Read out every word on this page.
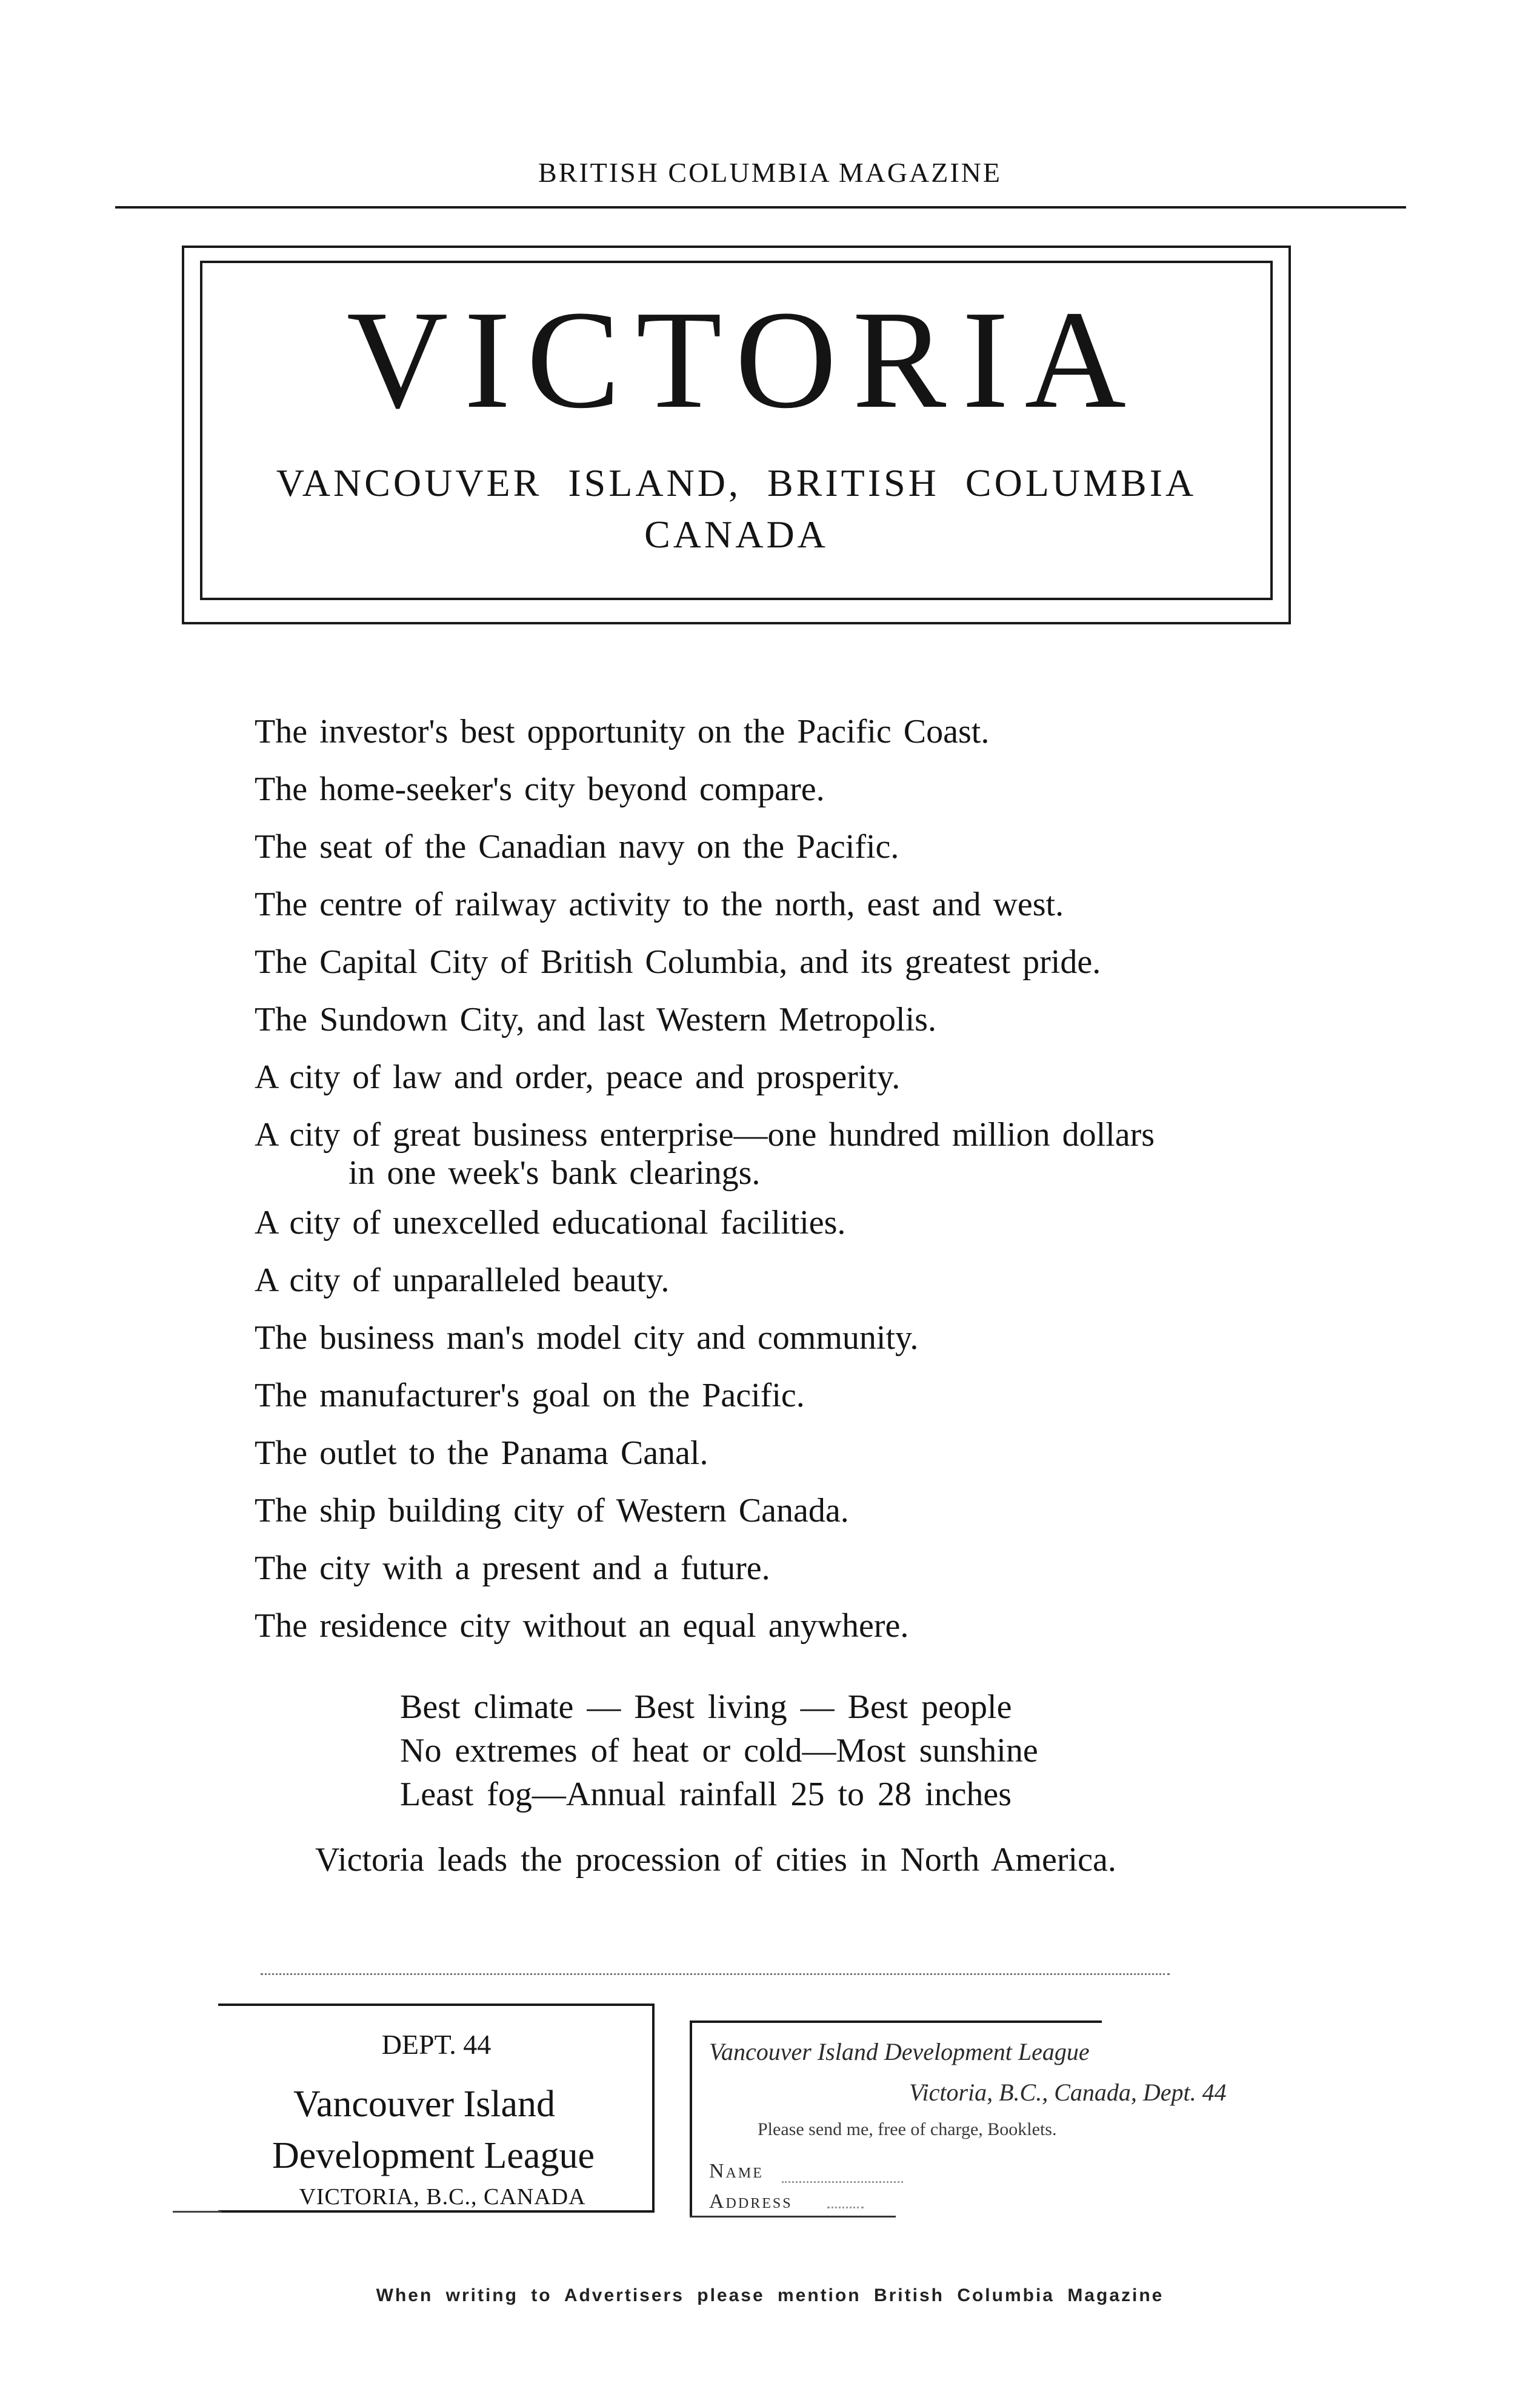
BRITISH COLUMBIA MAGAZINE
VICTORIA
VANCOUVER ISLAND, BRITISH COLUMBIA
CANADA
The investor's best opportunity on the Pacific Coast.
The home-seeker's city beyond compare.
The seat of the Canadian navy on the Pacific.
The centre of railway activity to the north, east and west.
The Capital City of British Columbia, and its greatest pride.
The Sundown City, and last Western Metropolis.
A city of law and order, peace and prosperity.
A city of great business enterprise—one hundred million dollars
in one week's bank clearings.
A city of unexcelled educational facilities.
A city of unparalleled beauty.
The business man's model city and community.
The manufacturer's goal on the Pacific.
The outlet to the Panama Canal.
The ship building city of Western Canada.
The city with a present and a future.
The residence city without an equal anywhere.
Best climate — Best living — Best people
No extremes of heat or cold—Most sunshine
Least fog—Annual rainfall 25 to 28 inches
Victoria leads the procession of cities in North America.
DEPT. 44
Vancouver Island
Development League
VICTORIA, B.C., CANADA
Vancouver Island Development League
Victoria, B.C., Canada, Dept. 44
Please send me, free of charge, Booklets.
Name
Address
When writing to Advertisers please mention British Columbia Magazine
